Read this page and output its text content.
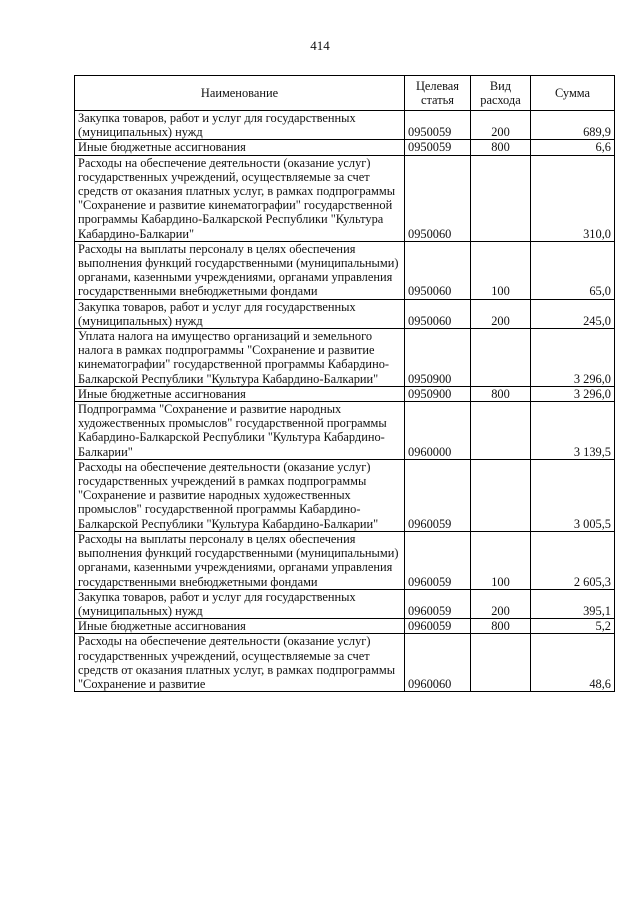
414
Наименование	Целевая статья	Вид расхода	Сумма
Закупка товаров, работ и услуг для государственных (муниципальных) нужд	0950059	200	689,9
Иные бюджетные ассигнования	0950059	800	6,6
Расходы на обеспечение деятельности (оказание услуг) государственных учреждений, осуществляемые за счет средств от оказания платных услуг, в рамках подпрограммы "Сохранение и развитие кинематографии" государственной программы Кабардино-Балкарской Республики "Культура Кабардино-Балкарии"	0950060		310,0
Расходы на выплаты персоналу в целях обеспечения выполнения функций государственными (муниципальными) органами, казенными учреждениями, органами управления государственными внебюджетными фондами	0950060	100	65,0
Закупка товаров, работ и услуг для государственных (муниципальных) нужд	0950060	200	245,0
Уплата налога на имущество организаций и земельного налога в рамках подпрограммы "Сохранение и развитие кинематографии" государственной программы Кабардино-Балкарской Республики "Культура Кабардино-Балкарии"	0950900		3 296,0
Иные бюджетные ассигнования	0950900	800	3 296,0
Подпрограмма "Сохранение и развитие народных художественных промыслов" государственной программы Кабардино-Балкарской Республики "Культура Кабардино-Балкарии"	0960000		3 139,5
Расходы на обеспечение деятельности (оказание услуг) государственных учреждений в рамках подпрограммы "Сохранение и развитие народных художественных промыслов" государственной программы Кабардино-Балкарской Республики "Культура Кабардино-Балкарии"	0960059		3 005,5
Расходы на выплаты персоналу в целях обеспечения выполнения функций государственными (муниципальными) органами, казенными учреждениями, органами управления государственными внебюджетными фондами	0960059	100	2 605,3
Закупка товаров, работ и услуг для государственных (муниципальных) нужд	0960059	200	395,1
Иные бюджетные ассигнования	0960059	800	5,2
Расходы на обеспечение деятельности (оказание услуг) государственных учреждений, осуществляемые за счет средств от оказания платных услуг, в рамках подпрограммы "Сохранение и развитие	0960060		48,6
